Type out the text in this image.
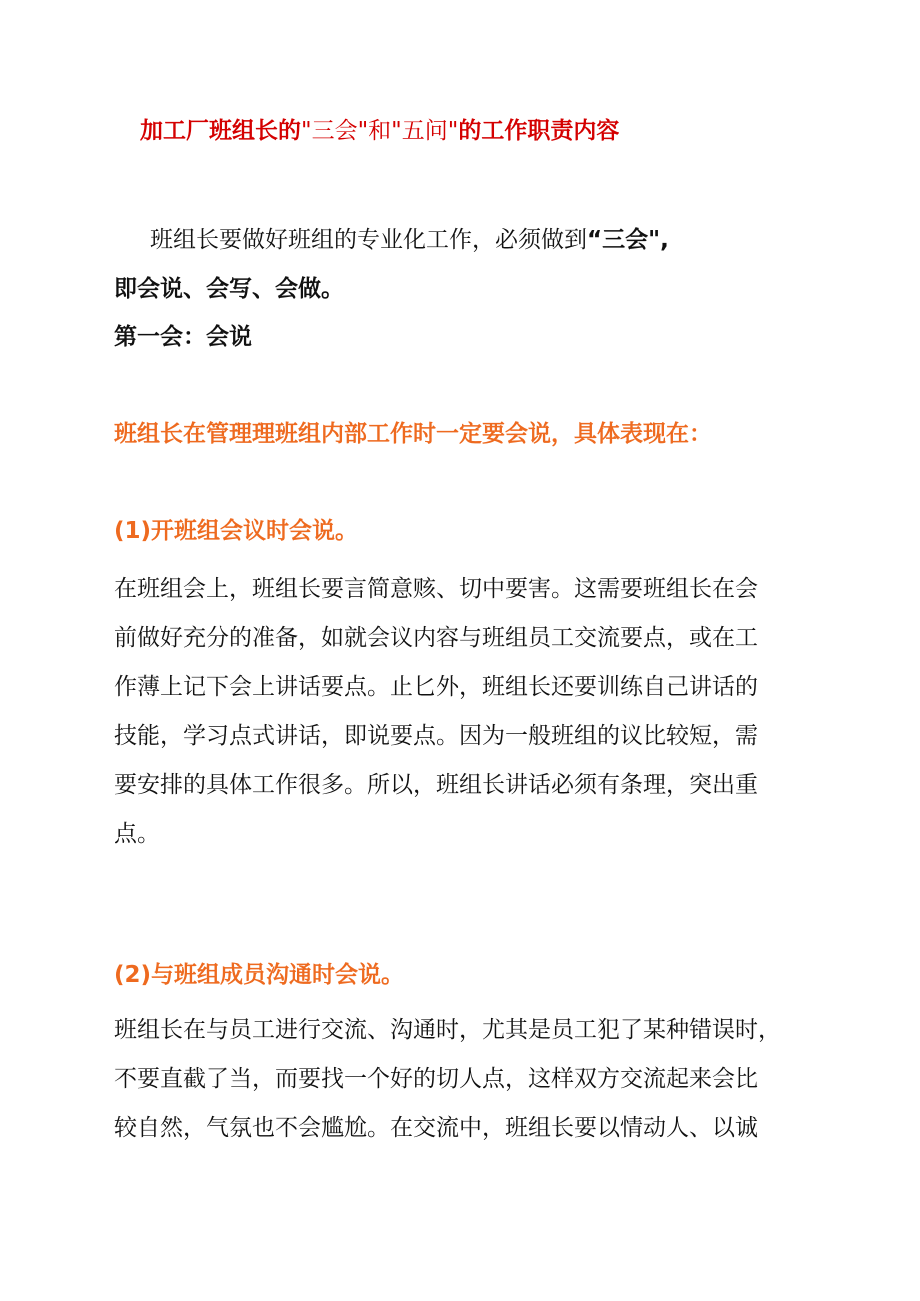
加工厂班组长的"三会"和"五问"的工作职责内容
班组长要做好班组的专业化工作，必须做到“三会",
即会说、会写、会做。
第一会：会说
班组长在管理理班组内部工作时一定要会说，具体表现在：
(1)开班组会议时会说。
在班组会上，班组长要言简意赅、切中要害。这需要班组长在会
前做好充分的准备，如就会议内容与班组员工交流要点，或在工
作薄上记下会上讲话要点。止匕外，班组长还要训练自己讲话的
技能，学习点式讲话，即说要点。因为一般班组的议比较短，需
要安排的具体工作很多。所以，班组长讲话必须有条理，突出重
点。
(2)与班组成员沟通时会说。
班组长在与员工进行交流、沟通时，尤其是员工犯了某种错误时，
不要直截了当，而要找一个好的切人点，这样双方交流起来会比
较自然，气氛也不会尴尬。在交流中，班组长要以情动人、以诚
